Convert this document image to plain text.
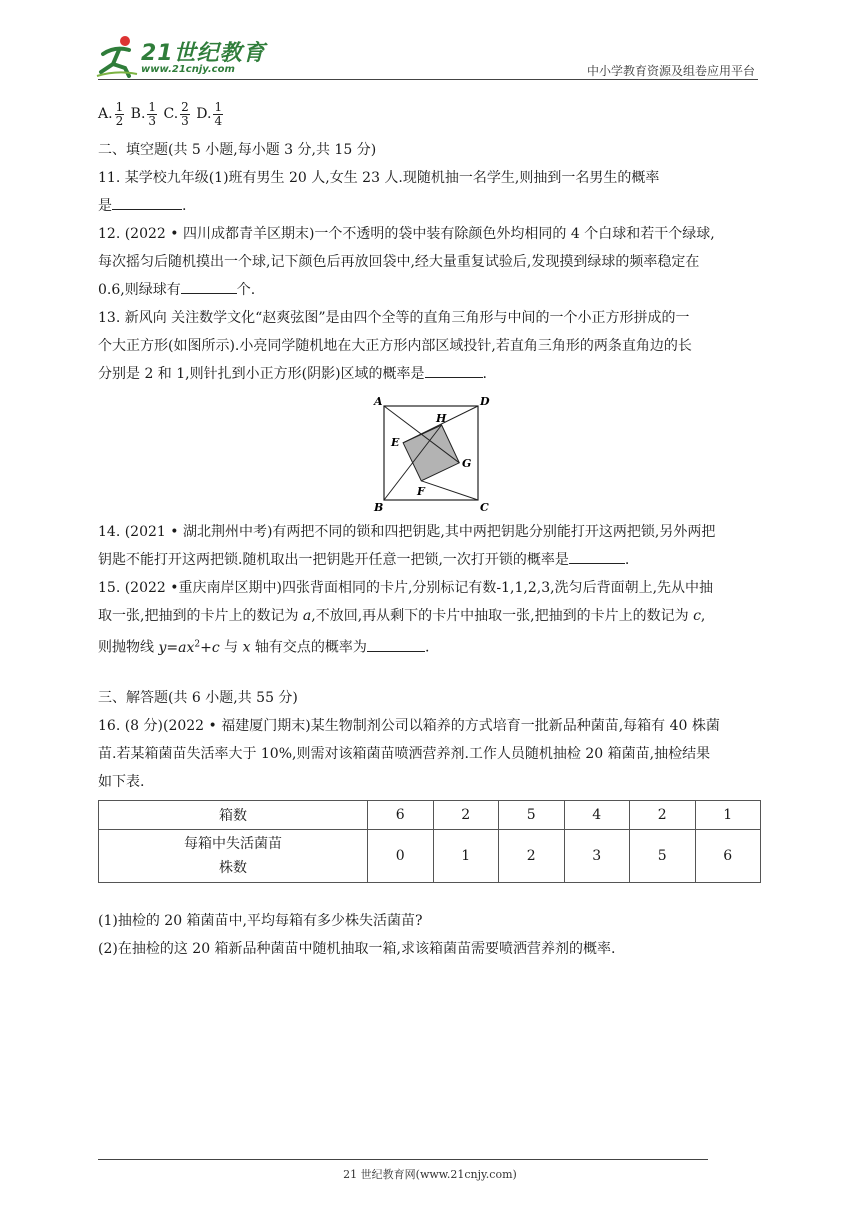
21世纪教育
www.21cnjy.com	中小学教育资源及组卷应用平台

A. $\frac{1}{2} B$. $\frac{1}{3} C$. $\frac{2}{3} D$. $\frac{1}{4}$

二、填空题(共 5 小题,每小题 3 分,共 15 分)

11. 某学校九年级(1)班有男生 20 人,女生 23 人.现随机抽一名学生,则抽到一名男生的概率

是	.

12. (2022 • 四川成都青羊区期末)一个不透明的袋中装有除颜色外均相同的 4 个白球和若干个绿球,

每次摇匀后随机摸出一个球,记下颜色后再放回袋中,经大量重复试验后,发现摸到绿球的频率稳定在

0.6,则绿球有	个.

13. 新风向 关注数学文化“赵爽弦图”是由四个全等的直角三角形与中间的一个小正方形拼成的一

个大正方形(如图所示).小亮同学随机地在大正方形内部区域投针,若直角三角形的两条直角边的长

分别是 2 和 1,则针扎到小正方形(阴影)区域的概率是	.

A	D
B	C
E
F
G
H

14. (2021 • 湖北荆州中考)有两把不同的锁和四把钥匙,其中两把钥匙分别能打开这两把锁,另外两把

钥匙不能打开这两把锁.随机取出一把钥匙开任意一把锁,一次打开锁的概率是	.

15. (2022 •重庆南岸区期中)四张背面相同的卡片,分别标记有数-1,1,2,3,洗匀后背面朝上,先从中抽

取一张,把抽到的卡片上的数记为 a,不放回,再从剩下的卡片中抽取一张,把抽到的卡片上的数记为 c,

则抛物线 $y=ax^2+c$ 与 x 轴有交点的概率为	.

三、解答题(共 6 小题,共 55 分)

16. (8 分)(2022 • 福建厦门期末)某生物制剂公司以箱养的方式培育一批新品种菌苗,每箱有 40 株菌

苗.若某箱菌苗失活率大于 10%,则需对该箱菌苗喷洒营养剂.工作人员随机抽检 20 箱菌苗,抽检结果

如下表.

箱数	6	2	5	4	2	1
每箱中失活菌苗
株数	0	1	2	3	5	6

(1)抽检的 20 箱菌苗中,平均每箱有多少株失活菌苗?

(2)在抽检的这 20 箱新品种菌苗中随机抽取一箱,求该箱菌苗需要喷洒营养剂的概率.

21 世纪教育网(www.21cnjy.com)
